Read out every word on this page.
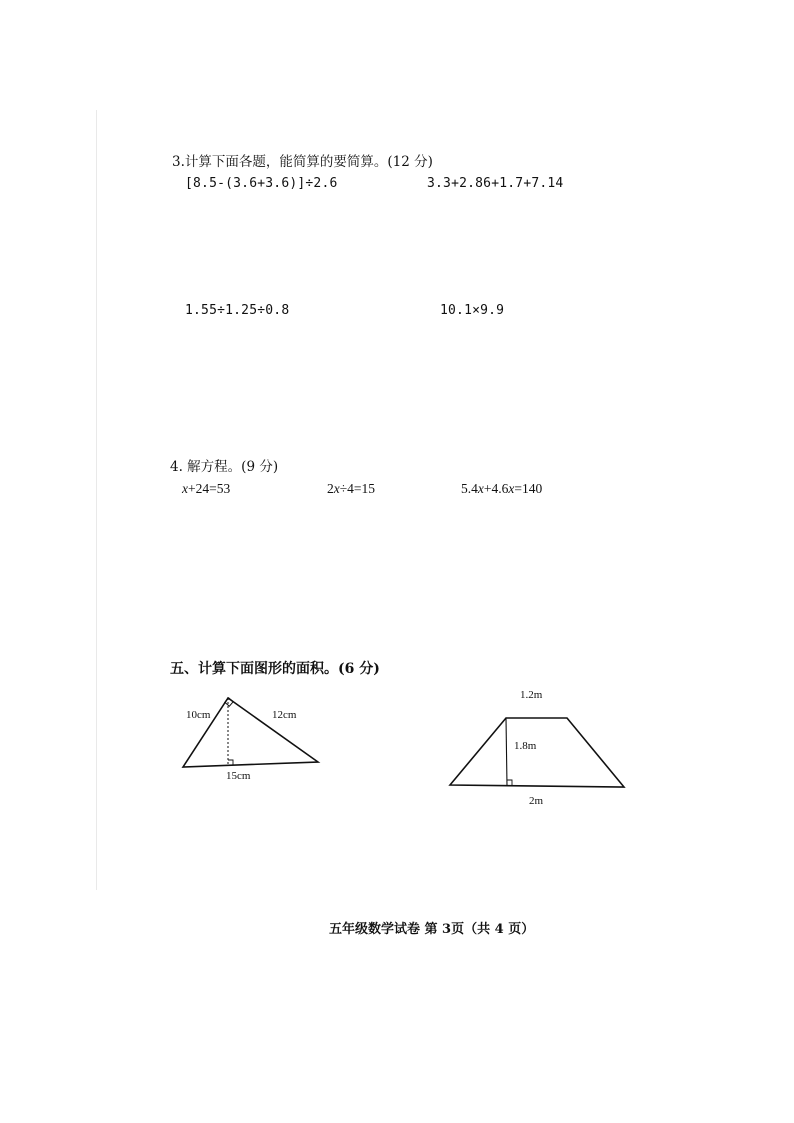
3.计算下面各题，能简算的要简算。(12 分)
[8.5-(3.6+3.6)]÷2.6	3.3+2.86+1.7+7.14
1.55÷1.25÷0.8	10.1×9.9
4. 解方程。(9 分)
x+24=53	2x÷4=15	5.4x+4.6x=140
五、计算下面图形的面积。(6 分)
10cm	12cm
15cm
1.2m
1.8m
2m
五年级数学试卷 第 3页（共 4 页）
